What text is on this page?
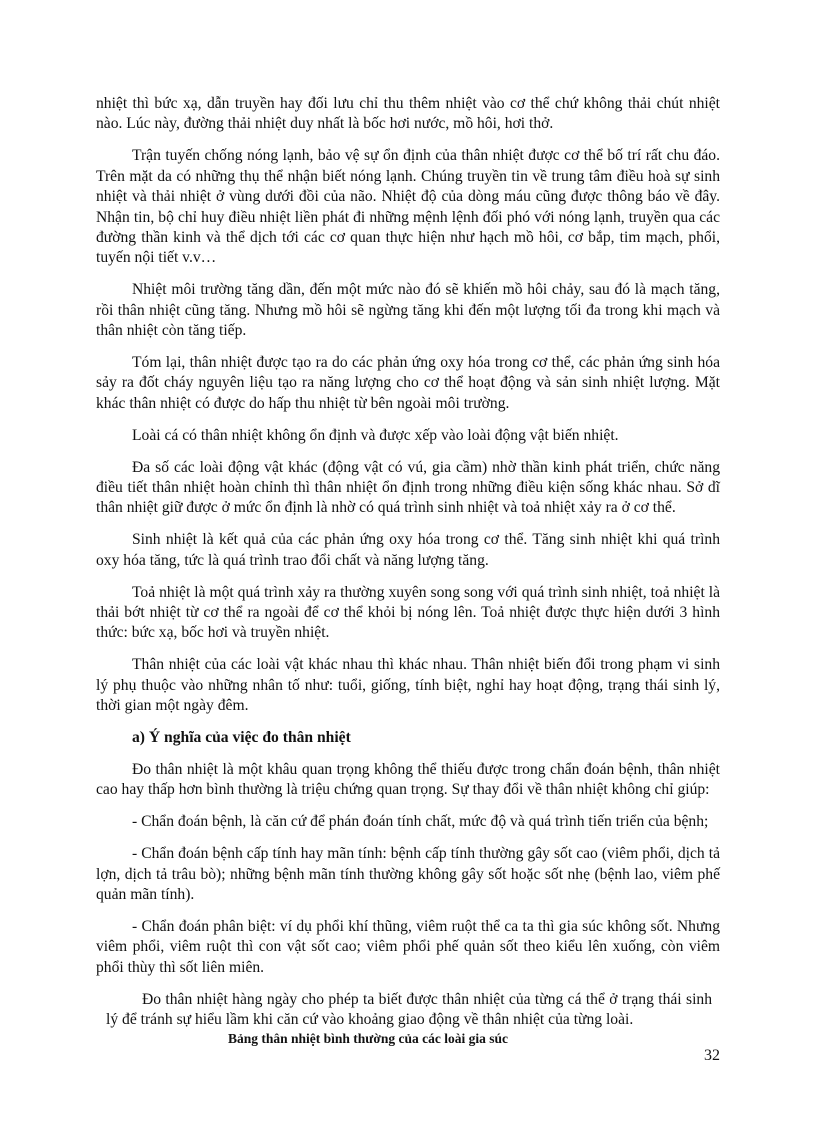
nhiệt thì bức xạ, dẫn truyền hay đối lưu chỉ thu thêm nhiệt vào cơ thể chứ không thải chút nhiệt nào. Lúc này, đường thải nhiệt duy nhất là bốc hơi nước, mồ hôi, hơi thở.

Trận tuyến chống nóng lạnh, bảo vệ sự ổn định của thân nhiệt được cơ thể bố trí rất chu đáo. Trên mặt da có những thụ thể nhận biết nóng lạnh. Chúng truyền tin về trung tâm điều hoà sự sinh nhiệt và thải nhiệt ở vùng dưới đồi của não. Nhiệt độ của dòng máu cũng được thông báo về đây. Nhận tin, bộ chỉ huy điều nhiệt liền phát đi những mệnh lệnh đối phó với nóng lạnh, truyền qua các đường thần kinh và thể dịch tới các cơ quan thực hiện như hạch mồ hôi, cơ bắp, tim mạch, phổi, tuyến nội tiết v.v…

Nhiệt môi trường tăng dần, đến một mức nào đó sẽ khiến mồ hôi chảy, sau đó là mạch tăng, rồi thân nhiệt cũng tăng. Nhưng mồ hôi sẽ ngừng tăng khi đến một lượng tối đa trong khi mạch và thân nhiệt còn tăng tiếp.

Tóm lại, thân nhiệt được tạo ra do các phản ứng oxy hóa trong cơ thể, các phản ứng sinh hóa sảy ra đốt cháy nguyên liệu tạo ra năng lượng cho cơ thể hoạt động và sản sinh nhiệt lượng. Mặt khác thân nhiệt có được do hấp thu nhiệt từ bên ngoài môi trường.

Loài cá có thân nhiệt không ổn định và được xếp vào loài động vật biến nhiệt.

Đa số các loài động vật khác (động vật có vú, gia cầm) nhờ thần kinh phát triển, chức năng điều tiết thân nhiệt hoàn chỉnh thì thân nhiệt ổn định trong những điều kiện sống khác nhau. Sở dĩ thân nhiệt giữ được ở mức ổn định là nhờ có quá trình sinh nhiệt và toả nhiệt xảy ra ở cơ thể.

Sinh nhiệt là kết quả của các phản ứng oxy hóa trong cơ thể. Tăng sinh nhiệt khi quá trình oxy hóa tăng, tức là quá trình trao đổi chất và năng lượng tăng.

Toả nhiệt là một quá trình xảy ra thường xuyên song song với quá trình sinh nhiệt, toả nhiệt là thải bớt nhiệt từ cơ thể ra ngoài để cơ thể khỏi bị nóng lên. Toả nhiệt được thực hiện dưới 3 hình thức: bức xạ, bốc hơi và truyền nhiệt.

Thân nhiệt của các loài vật khác nhau thì khác nhau. Thân nhiệt biến đổi trong phạm vi sinh lý phụ thuộc vào những nhân tố như: tuổi, giống, tính biệt, nghỉ hay hoạt động, trạng thái sinh lý, thời gian một ngày đêm.

a) Ý nghĩa của việc đo thân nhiệt

Đo thân nhiệt là một khâu quan trọng không thể thiếu được trong chẩn đoán bệnh, thân nhiệt cao hay thấp hơn bình thường là triệu chứng quan trọng. Sự thay đổi về thân nhiệt không chỉ giúp:

- Chẩn đoán bệnh, là căn cứ để phán đoán tính chất, mức độ và quá trình tiến triển của bệnh;

- Chẩn đoán bệnh cấp tính hay mãn tính: bệnh cấp tính thường gây sốt cao (viêm phổi, dịch tả lợn, dịch tả trâu bò); những bệnh mãn tính thường không gây sốt hoặc sốt nhẹ (bệnh lao, viêm phế quản mãn tính).

- Chẩn đoán phân biệt: ví dụ phổi khí thũng, viêm ruột thể ca ta thì gia súc không sốt. Nhưng viêm phổi, viêm ruột thì con vật sốt cao; viêm phổi phế quản sốt theo kiểu lên xuống, còn viêm phổi thùy thì sốt liên miên.

Đo thân nhiệt hàng ngày cho phép ta biết được thân nhiệt của từng cá thể ở trạng thái sinh lý để tránh sự hiểu lầm khi căn cứ vào khoảng giao động về thân nhiệt của từng loài.

Bảng thân nhiệt bình thường của các loài gia súc

32
